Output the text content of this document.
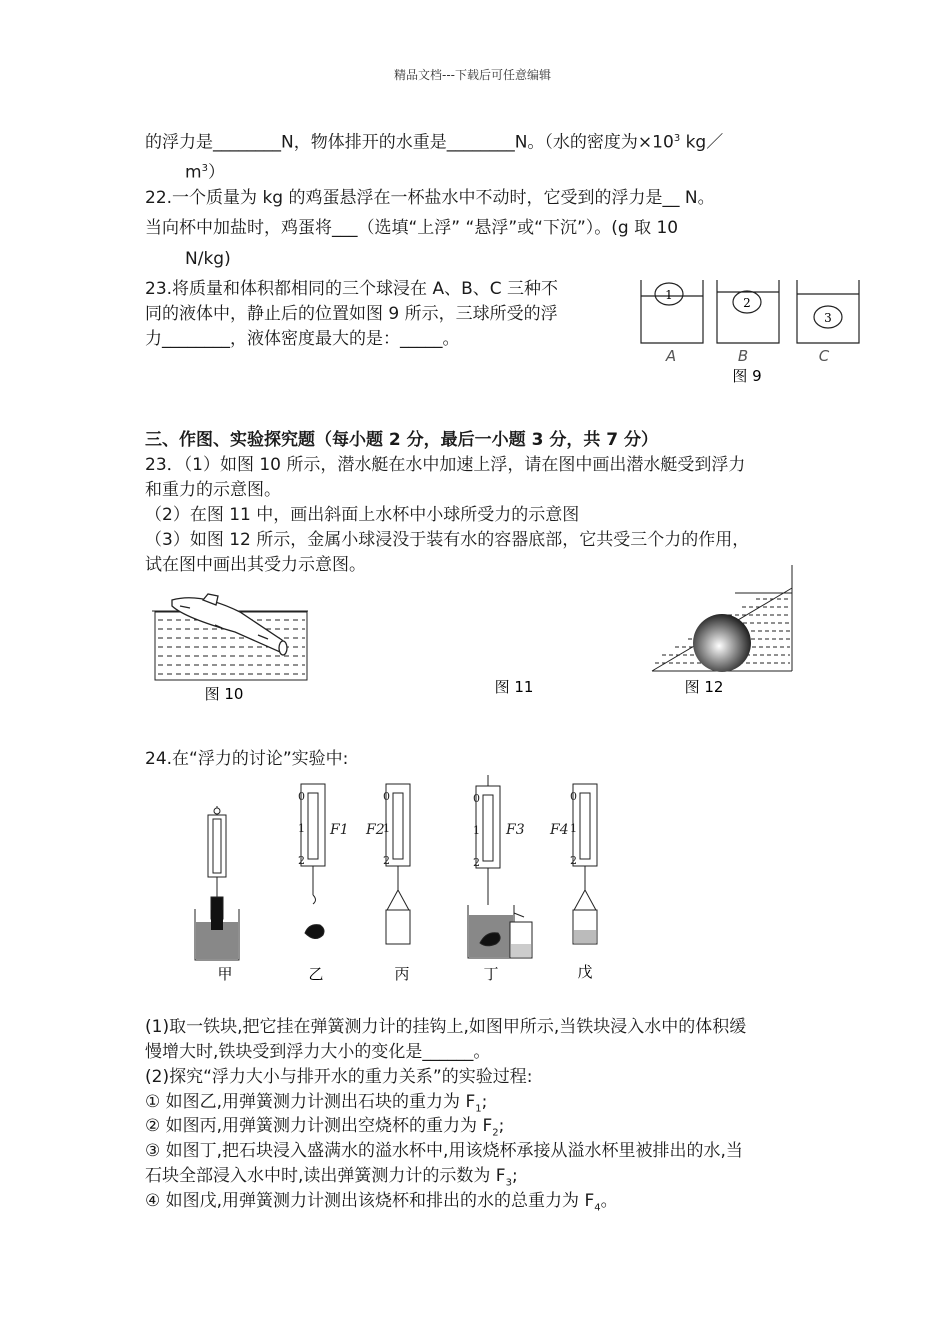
精品文档---下载后可任意编辑
的浮力是________N，物体排开的水重是________N。（水的密度为$\times 10^3$ kg／
$m^3$）
22.一个质量为 kg 的鸡蛋悬浮在一杯盐水中不动时，它受到的浮力是__ N。
当向杯中加盐时，鸡蛋将___（选填“上浮” “悬浮”或“下沉”）。(g 取 10
N/kg)
23.将质量和体积都相同的三个球浸在 A、B、C 三种不
同的液体中，静止后的位置如图 9 所示，三球所受的浮
力________，液体密度最大的是：_____。
1
2
3
A	B	C
图 9
三、作图、实验探究题（每小题 2 分，最后一小题 3 分，共 7 分）
23．（1）如图 10 所示，潜水艇在水中加速上浮，请在图中画出潜水艇受到浮力
和重力的示意图。
（2）在图 11 中，画出斜面上水杯中小球所受力的示意图
（3）如图 12 所示，金属小球浸没于装有水的容器底部，它共受三个力的作用，
试在图中画出其受力示意图。
图 10	图 11	图 12
24.在“浮力的讨论”实验中:
0
1
2
0
1
2
0
1
2
0
1
2
F1 F2	F3 F4
甲	乙	丙	丁	戊
(1)取一铁块,把它挂在弹簧测力计的挂钩上,如图甲所示,当铁块浸入水中的体积缓
慢增大时,铁块受到浮力大小的变化是______。
(2)探究“浮力大小与排开水的重力关系”的实验过程:
① 如图乙,用弹簧测力计测出石块的重力为 $F_1$;
② 如图丙,用弹簧测力计测出空烧杯的重力为 $F_2$;
③ 如图丁,把石块浸入盛满水的溢水杯中,用该烧杯承接从溢水杯里被排出的水,当
石块全部浸入水中时,读出弹簧测力计的示数为 $F_3$;
④ 如图戊,用弹簧测力计测出该烧杯和排出的水的总重力为 $F_4$。
